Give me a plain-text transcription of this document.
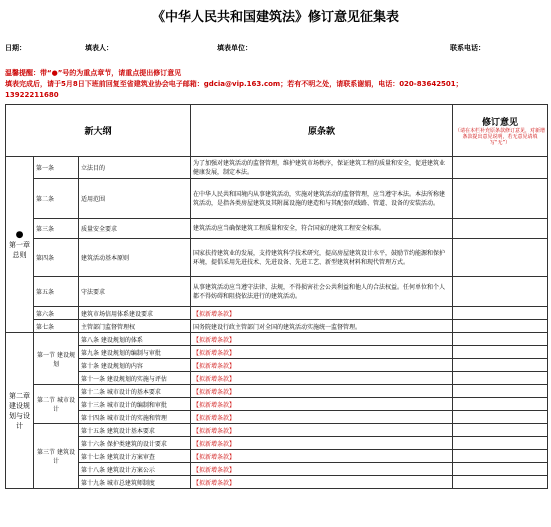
《中华人民共和国建筑法》修订意见征集表
日期：	填表人：	填表单位：	联系电话：
温馨提醒：带“●”号的为重点章节，请重点提出修订意见
填表完成后，请于5月8日下班前回复至省建筑业协会电子邮箱：gdcia@vip.163.com；若有不明之处，请联系谢娟，电话：020-83642501；
13922211680
新大纲			原条款	修订意见
（请在本栏补充原条款修订意见，对新增条款提出意见说明，若无意见请填写“无”）

●
第一章 总则	第一条	立法目的	为了加强对建筑活动的监督管理，维护建筑市场秩序，保证建筑工程的质量和安全，促进建筑业健康发展，制定本法。	
	第二条	适用范围	在中华人民共和国境内从事建筑活动，实施对建筑活动的监督管理，应当遵守本法。本法所称建筑活动，是指各类房屋建筑及其附属设施的建造和与其配套的线路、管道、设备的安装活动。	
	第三条	质量安全要求	建筑活动应当确保建筑工程质量和安全，符合国家的建筑工程安全标准。	
	第四条	建筑活动基本原则	国家扶持建筑业的发展，支持建筑科学技术研究，提高房屋建筑设计水平，鼓励节约能源和保护环境，提倡采用先进技术、先进设备、先进工艺、新型建筑材料和现代管理方式。	
	第五条	守法要求	从事建筑活动应当遵守法律、法规，不得损害社会公共利益和他人的合法权益。任何单位和个人都不得妨碍和阻挠依法进行的建筑活动。	
	第六条	建筑市场信用体系建设要求	【拟新增条款】	
	第七条	主管部门监督管理权	国务院建设行政主管部门对全国的建筑活动实施统一监督管理。	
第二章 建设规划与设计	第一节 建设规划	第八条 建设规划的体系	【拟新增条款】	
		第九条 建设规划的编制与审批	【拟新增条款】	
		第十条 建设规划的内容	【拟新增条款】	
		第十一条 建设规划的实施与评估	【拟新增条款】	
	第二节 城市设计	第十二条 城市设计的基本要求	【拟新增条款】	
		第十三条 城市设计的编制和审批	【拟新增条款】	
		第十四条 城市设计的实施和管理	【拟新增条款】	
	第三节 建筑设计	第十五条 建筑设计基本要求	【拟新增条款】	
		第十六条 保护类建筑的设计要求	【拟新增条款】	
		第十七条 建筑设计方案审查	【拟新增条款】	
		第十八条 建筑设计方案公示	【拟新增条款】	
		第十九条 城市总建筑师制度	【拟新增条款】	
